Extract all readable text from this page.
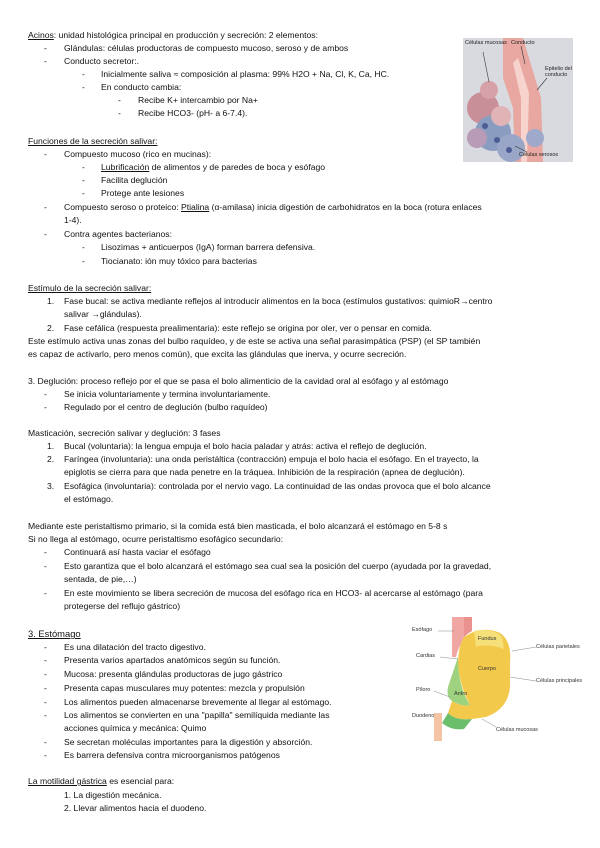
Acinos: unidad histológica principal en producción y secreción: 2 elementos:
- Glándulas: células productoras de compuesto mucoso, seroso y de ambos
- Conducto secretor:.
- Inicialmente saliva ≈ composición al plasma: 99% H2O + Na, Cl, K, Ca, HC.
- En conducto cambia:
- Recibe K+ intercambio por Na+
- Recibe HCO3- (pH- a 6-7.4).
Células mucosas Conducto
Epitelio del conducto
Células serosos
Funciones de la secreción salivar:
- Compuesto mucoso (rico en mucinas):
- Lubrificación de alimentos y de paredes de boca y esófago
- Facilita deglución
- Protege ante lesiones
- Compuesto seroso o proteico: Ptialina (α-amilasa) inicia digestión de carbohidratos en la boca (rotura enlaces
1-4).
- Contra agentes bacterianos:
- Lisozimas + anticuerpos (IgA) forman barrera defensiva.
- Tiocianato: ión muy tóxico para bacterias
Estímulo de la secreción salivar:
1. Fase bucal: se activa mediante reflejos al introducir alimentos en la boca (estímulos gustativos: quimioR→centro
salivar →glándulas).
2. Fase cefálica (respuesta prealimentaria): este reflejo se origina por oler, ver o pensar en comida.
Este estímulo activa unas zonas del bulbo raquídeo, y de este se activa una señal parasimpática (PSP) (el SP también
es capaz de activarlo, pero menos común), que excita las glándulas que inerva, y ocurre secreción.
3. Deglución: proceso reflejo por el que se pasa el bolo alimenticio de la cavidad oral al esófago y al estómago
- Se inicia voluntariamente y termina involuntariamente.
- Regulado por el centro de deglución (bulbo raquídeo)
Masticación, secreción salivar y deglución: 3 fases
1. Bucal (voluntaria): la lengua empuja el bolo hacia paladar y atrás: activa el reflejo de deglución.
2. Faríngea (involuntaria): una onda peristáltica (contracción) empuja el bolo hacia el esófago. En el trayecto, la
epiglotis se cierra para que nada penetre en la tráquea. Inhibición de la respiración (apnea de deglución).
3. Esofágica (involuntaria): controlada por el nervio vago. La continuidad de las ondas provoca que el bolo alcance
el estómago.
Mediante este peristaltismo primario, si la comida está bien masticada, el bolo alcanzará el estómago en 5-8 s
Si no llega al estómago, ocurre peristaltismo esofágico secundario:
- Continuará así hasta vaciar el esófago
- Esto garantiza que el bolo alcanzará el estómago sea cual sea la posición del cuerpo (ayudada por la gravedad,
sentada, de pie,…)
- En este movimiento se libera secreción de mucosa del esófago rica en HCO3- al acercarse al estómago (para
protegerse del reflujo gástrico)
3. Estómago
- Es una dilatación del tracto digestivo.
- Presenta varios apartados anatómicos según su función.
- Mucosa: presenta glándulas productoras de jugo gástrico
- Presenta capas musculares muy potentes: mezcla y propulsión
- Los alimentos pueden almacenarse brevemente al llegar al estómago.
- Los alimentos se convierten en una "papilla" semilíquida mediante las
acciones química y mecánica: Quimo
- Se secretan moléculas importantes para la digestión y absorción.
- Es barrera defensiva contra microorganismos patógenos
Esófago
Fundus
Cardias
Células parietales
Cuerpo
Células principales
Píloro
Antro
Duodeno
Células mucosas
La motilidad gástrica es esencial para:
1. La digestión mecánica.
2. Llevar alimentos hacia el duodeno.
